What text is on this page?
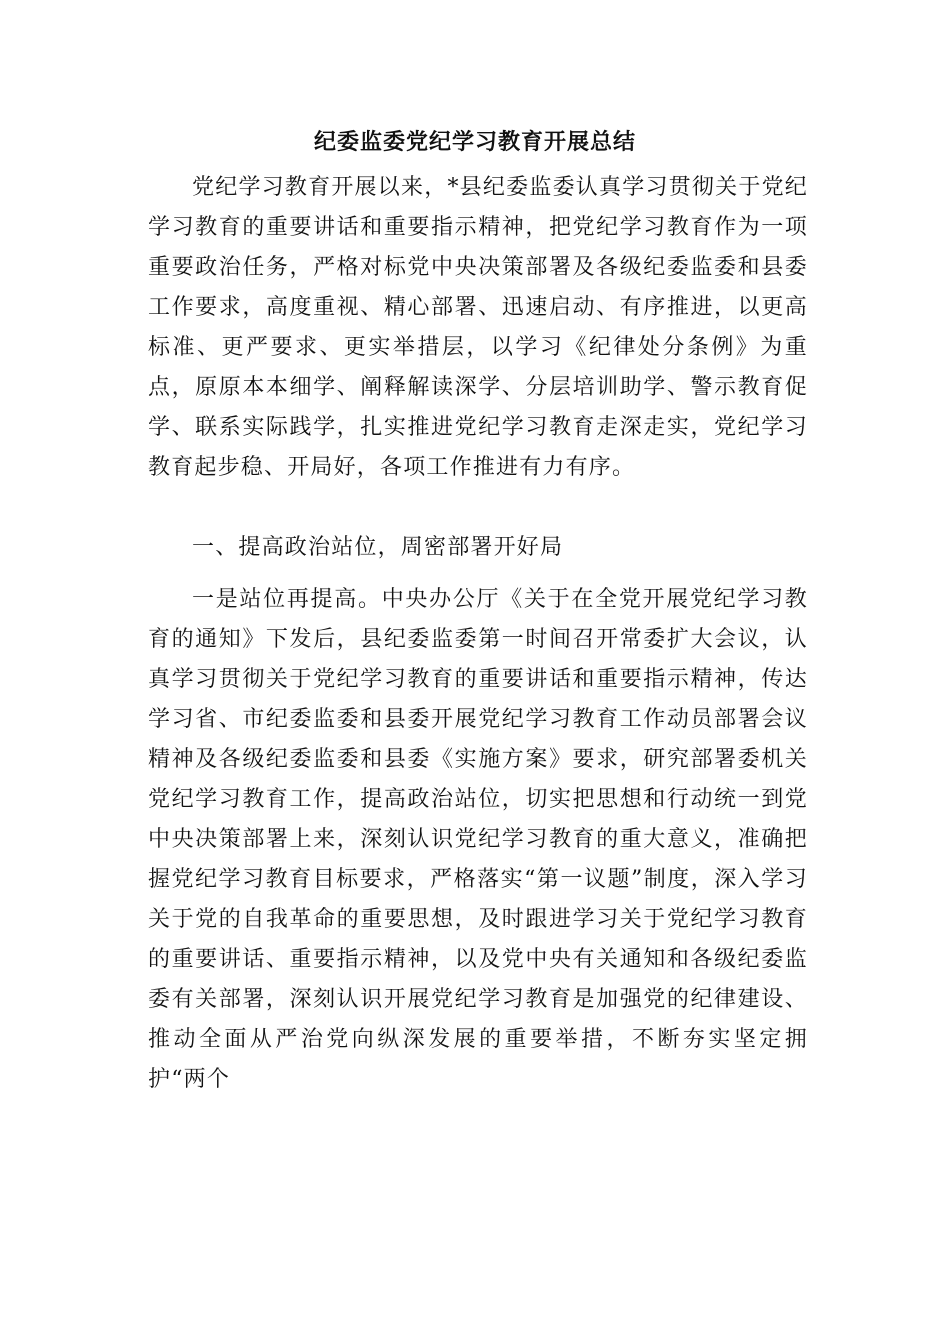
纪委监委党纪学习教育开展总结

党纪学习教育开展以来，*县纪委监委认真学习贯彻关于党纪学习教育的重要讲话和重要指示精神，把党纪学习教育作为一项重要政治任务，严格对标党中央决策部署及各级纪委监委和县委工作要求，高度重视、精心部署、迅速启动、有序推进，以更高标准、更严要求、更实举措层，以学习《纪律处分条例》为重点，原原本本细学、阐释解读深学、分层培训助学、警示教育促学、联系实际践学，扎实推进党纪学习教育走深走实，党纪学习教育起步稳、开局好，各项工作推进有力有序。

一、提高政治站位，周密部署开好局

一是站位再提高。中央办公厅《关于在全党开展党纪学习教育的通知》下发后，县纪委监委第一时间召开常委扩大会议，认真学习贯彻关于党纪学习教育的重要讲话和重要指示精神，传达学习省、市纪委监委和县委开展党纪学习教育工作动员部署会议精神及各级纪委监委和县委《实施方案》要求，研究部署委机关党纪学习教育工作，提高政治站位，切实把思想和行动统一到党中央决策部署上来，深刻认识党纪学习教育的重大意义，准确把握党纪学习教育目标要求，严格落实“第一议题”制度，深入学习关于党的自我革命的重要思想，及时跟进学习关于党纪学习教育的重要讲话、重要指示精神，以及党中央有关通知和各级纪委监委有关部署，深刻认识开展党纪学习教育是加强党的纪律建设、推动全面从严治党向纵深发展的重要举措，不断夯实坚定拥护“两个
